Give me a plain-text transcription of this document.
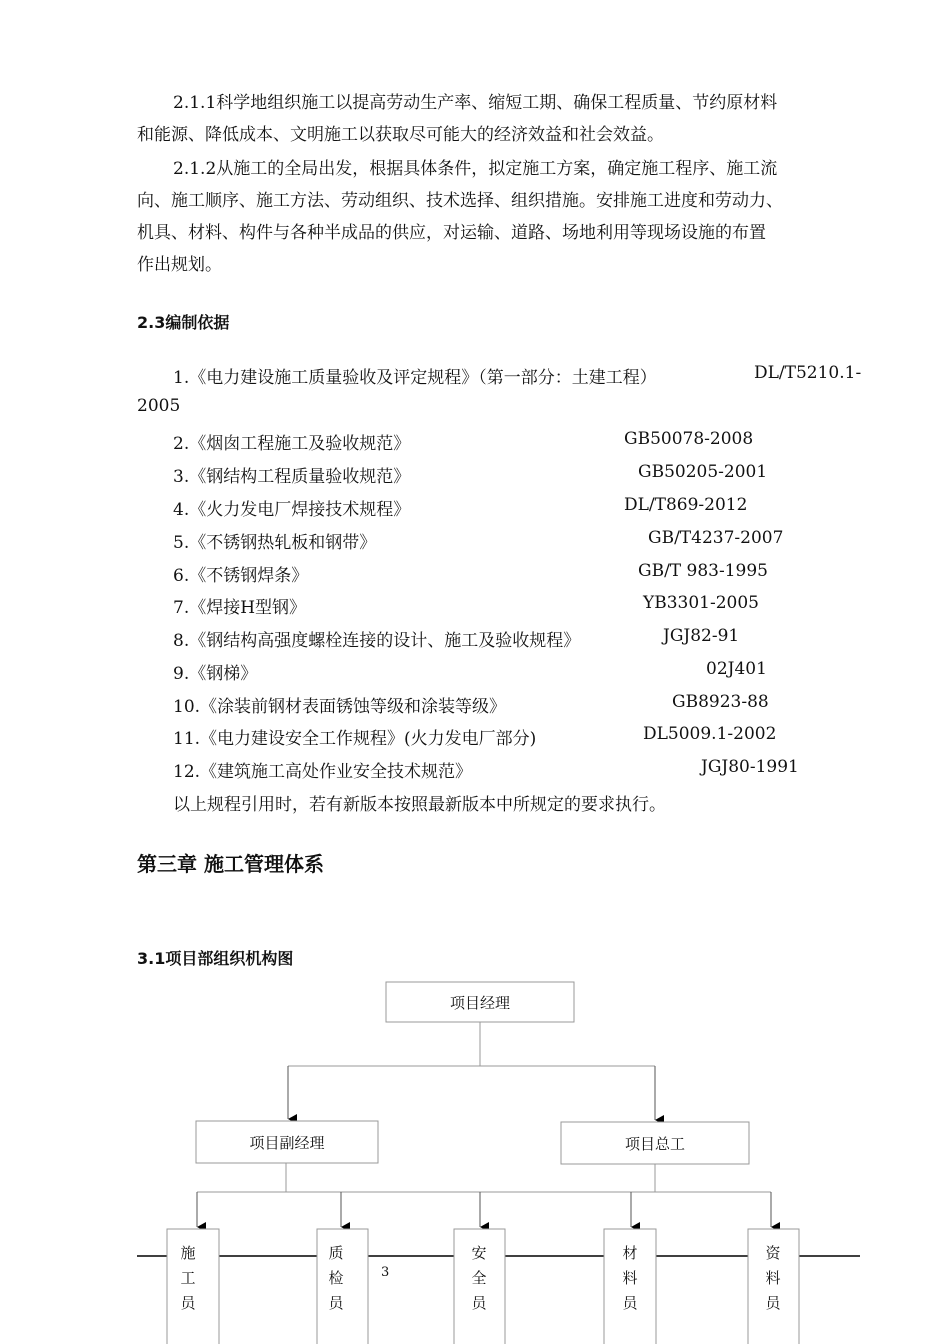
2.1.1科学地组织施工以提高劳动生产率、缩短工期、确保工程质量、节约原材料
和能源、降低成本、文明施工以获取尽可能大的经济效益和社会效益。

2.1.2从施工的全局出发，根据具体条件，拟定施工方案，确定施工程序、施工流
向、施工顺序、施工方法、劳动组织、技术选择、组织措施。安排施工进度和劳动力、
机具、材料、构件与各种半成品的供应，对运输、道路、场地利用等现场设施的布置
作出规划。

2.3编制依据
1.《电力建设施工质量验收及评定规程》（第一部分：土建工程）	DL/T5210.1-
2005
2.《烟囱工程施工及验收规范》	GB50078-2008
3.《钢结构工程质量验收规范》	GB50205-2001
4.《火力发电厂焊接技术规程》	DL/T869-2012
5.《不锈钢热轧板和钢带》	GB/T4237-2007
6.《不锈钢焊条》	GB/T 983-1995
7.《焊接H型钢》	YB3301-2005
8.《钢结构高强度螺栓连接的设计、施工及验收规程》	JGJ82-91
9.《钢梯》	02J401
10.《涂装前钢材表面锈蚀等级和涂装等级》	GB8923-88
11.《电力建设安全工作规程》(火力发电厂部分)	DL5009.1-2002
12.《建筑施工高处作业安全技术规范》	JGJ80-1991
以上规程引用时，若有新版本按照最新版本中所规定的要求执行。
第三章 施工管理体系
3.1项目部组织机构图
项目经理
项目副经理	项目总工
施工员
质检员
安全员
材料员
资料员
3
